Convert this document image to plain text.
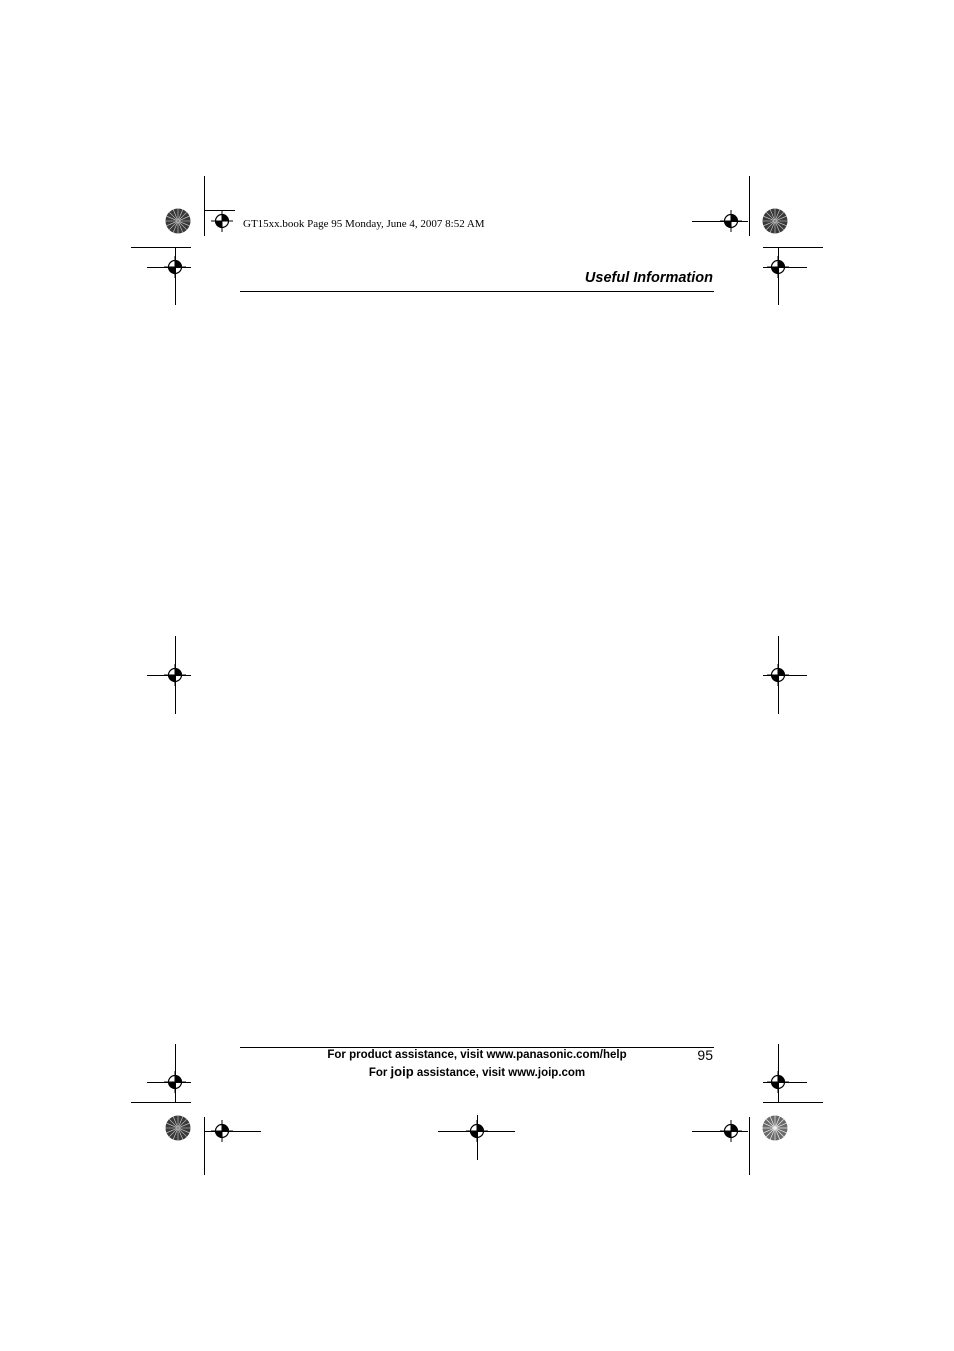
GT15xx.book Page 95 Monday, June 4, 2007 8:52 AM
Useful Information
For product assistance, visit www.panasonic.com/help
For joip assistance, visit www.joip.com
95
